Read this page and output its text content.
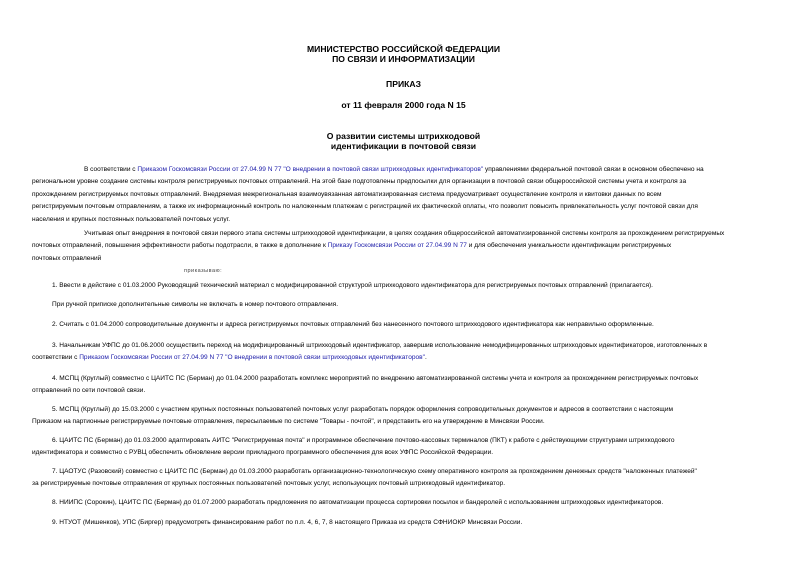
МИНИСТЕРСТВО РОССИЙСКОЙ ФЕДЕРАЦИИ
ПО СВЯЗИ И ИНФОРМАТИЗАЦИИ
ПРИКАЗ
от 11 февраля 2000 года N 15
О развитии системы штрихкодовой
идентификации в почтовой связи
В соответствии с Приказом Госкомсвязи России от 27.04.99 N 77 "О внедрении в почтовой связи штрихкодовых идентификаторов" управлениями федеральной почтовой связи в основном обеспечено на
региональном уровне создание системы контроля регистрируемых почтовых отправлений. На этой базе подготовлены предпосылки для организации в почтовой связи общероссийской системы учета и контроля за
прохождением регистрируемых почтовых отправлений. Внедряемая межрегиональная взаимоувязанная автоматизированная система предусматривает осуществление контроля и квитовки данных по всем
регистрируемым почтовым отправлениям, а также их информационный контроль по наложенным платежам с регистрацией их фактической оплаты, что позволит повысить привлекательность услуг почтовой связи для
населения и крупных постоянных пользователей почтовых услуг.
Учитывая опыт внедрения в почтовой связи первого этапа системы штрихкодовой идентификации, в целях создания общероссийской автоматизированной системы контроля за прохождением регистрируемых
почтовых отправлений, повышения эффективности работы подотрасли, в также в дополнение к Приказу Госкомсвязи России от 27.04.99 N 77 и для обеспечения уникальности идентификации регистрируемых
почтовых отправлений
приказываю:
1. Ввести в действие с 01.03.2000 Руководящий технический материал с модифицированной структурой штрихкодового идентификатора для регистрируемых почтовых отправлений (прилагается).
При ручной приписке дополнительные символы не включать в номер почтового отправления.
2. Считать с 01.04.2000 сопроводительные документы и адреса регистрируемых почтовых отправлений без нанесенного почтового штрихкодового идентификатора как неправильно оформленные.
3. Начальникам УФПС до 01.06.2000 осуществить переход на модифицированный штрихкодовый идентификатор, завершив использование немодифицированных штрихкодовых идентификаторов, изготовленных в
соответствии с Приказом Госкомсвязи России от 27.04.99 N 77 "О внедрении в почтовой связи штрихкодовых идентификаторов".
4. МСПЦ (Круглый) совместно с ЦАИТС ПС (Берман) до 01.04.2000 разработать комплекс мероприятий по внедрению автоматизированной системы учета и контроля за прохождением регистрируемых почтовых
отправлений по сети почтовой связи.
5. МСПЦ (Круглый) до 15.03.2000 с участием крупных постоянных пользователей почтовых услуг разработать порядок оформления сопроводительных документов и адресов в соответствии с настоящим
Приказом на партионные регистрируемые почтовые отправления, пересылаемые по системе "Товары - почтой", и представить его на утверждение в Минсвязи России.
6. ЦАИТС ПС (Берман) до 01.03.2000 адаптировать АИТС "Регистрируемая почта" и программное обеспечение почтово-кассовых терминалов (ПКТ) к работе с действующими структурами штрихкодового
идентификатора и совместно с РУВЦ обеспечить обновление версии прикладного программного обеспечения для всех УФПС Российской Федерации.
7. ЦАОТУС (Разовский) совместно с ЦАИТС ПС (Берман) до 01.03.2000 разработать организационно-технологическую схему оперативного контроля за прохождением денежных средств "наложенных платежей"
за регистрируемые почтовые отправления от крупных постоянных пользователей почтовых услуг, использующих почтовый штрихкодовый идентификатор.
8. НИИПС (Сорокин), ЦАИТС ПС (Берман) до 01.07.2000 разработать предложения по автоматизации процесса сортировки посылок и бандеролей с использованием штрихкодовых идентификаторов.
9. НТУОТ (Мишенков), УПС (Биргер) предусмотреть финансирование работ по п.п. 4, 6, 7, 8 настоящего Приказа из средств СФНИОКР Минсвязи России.
